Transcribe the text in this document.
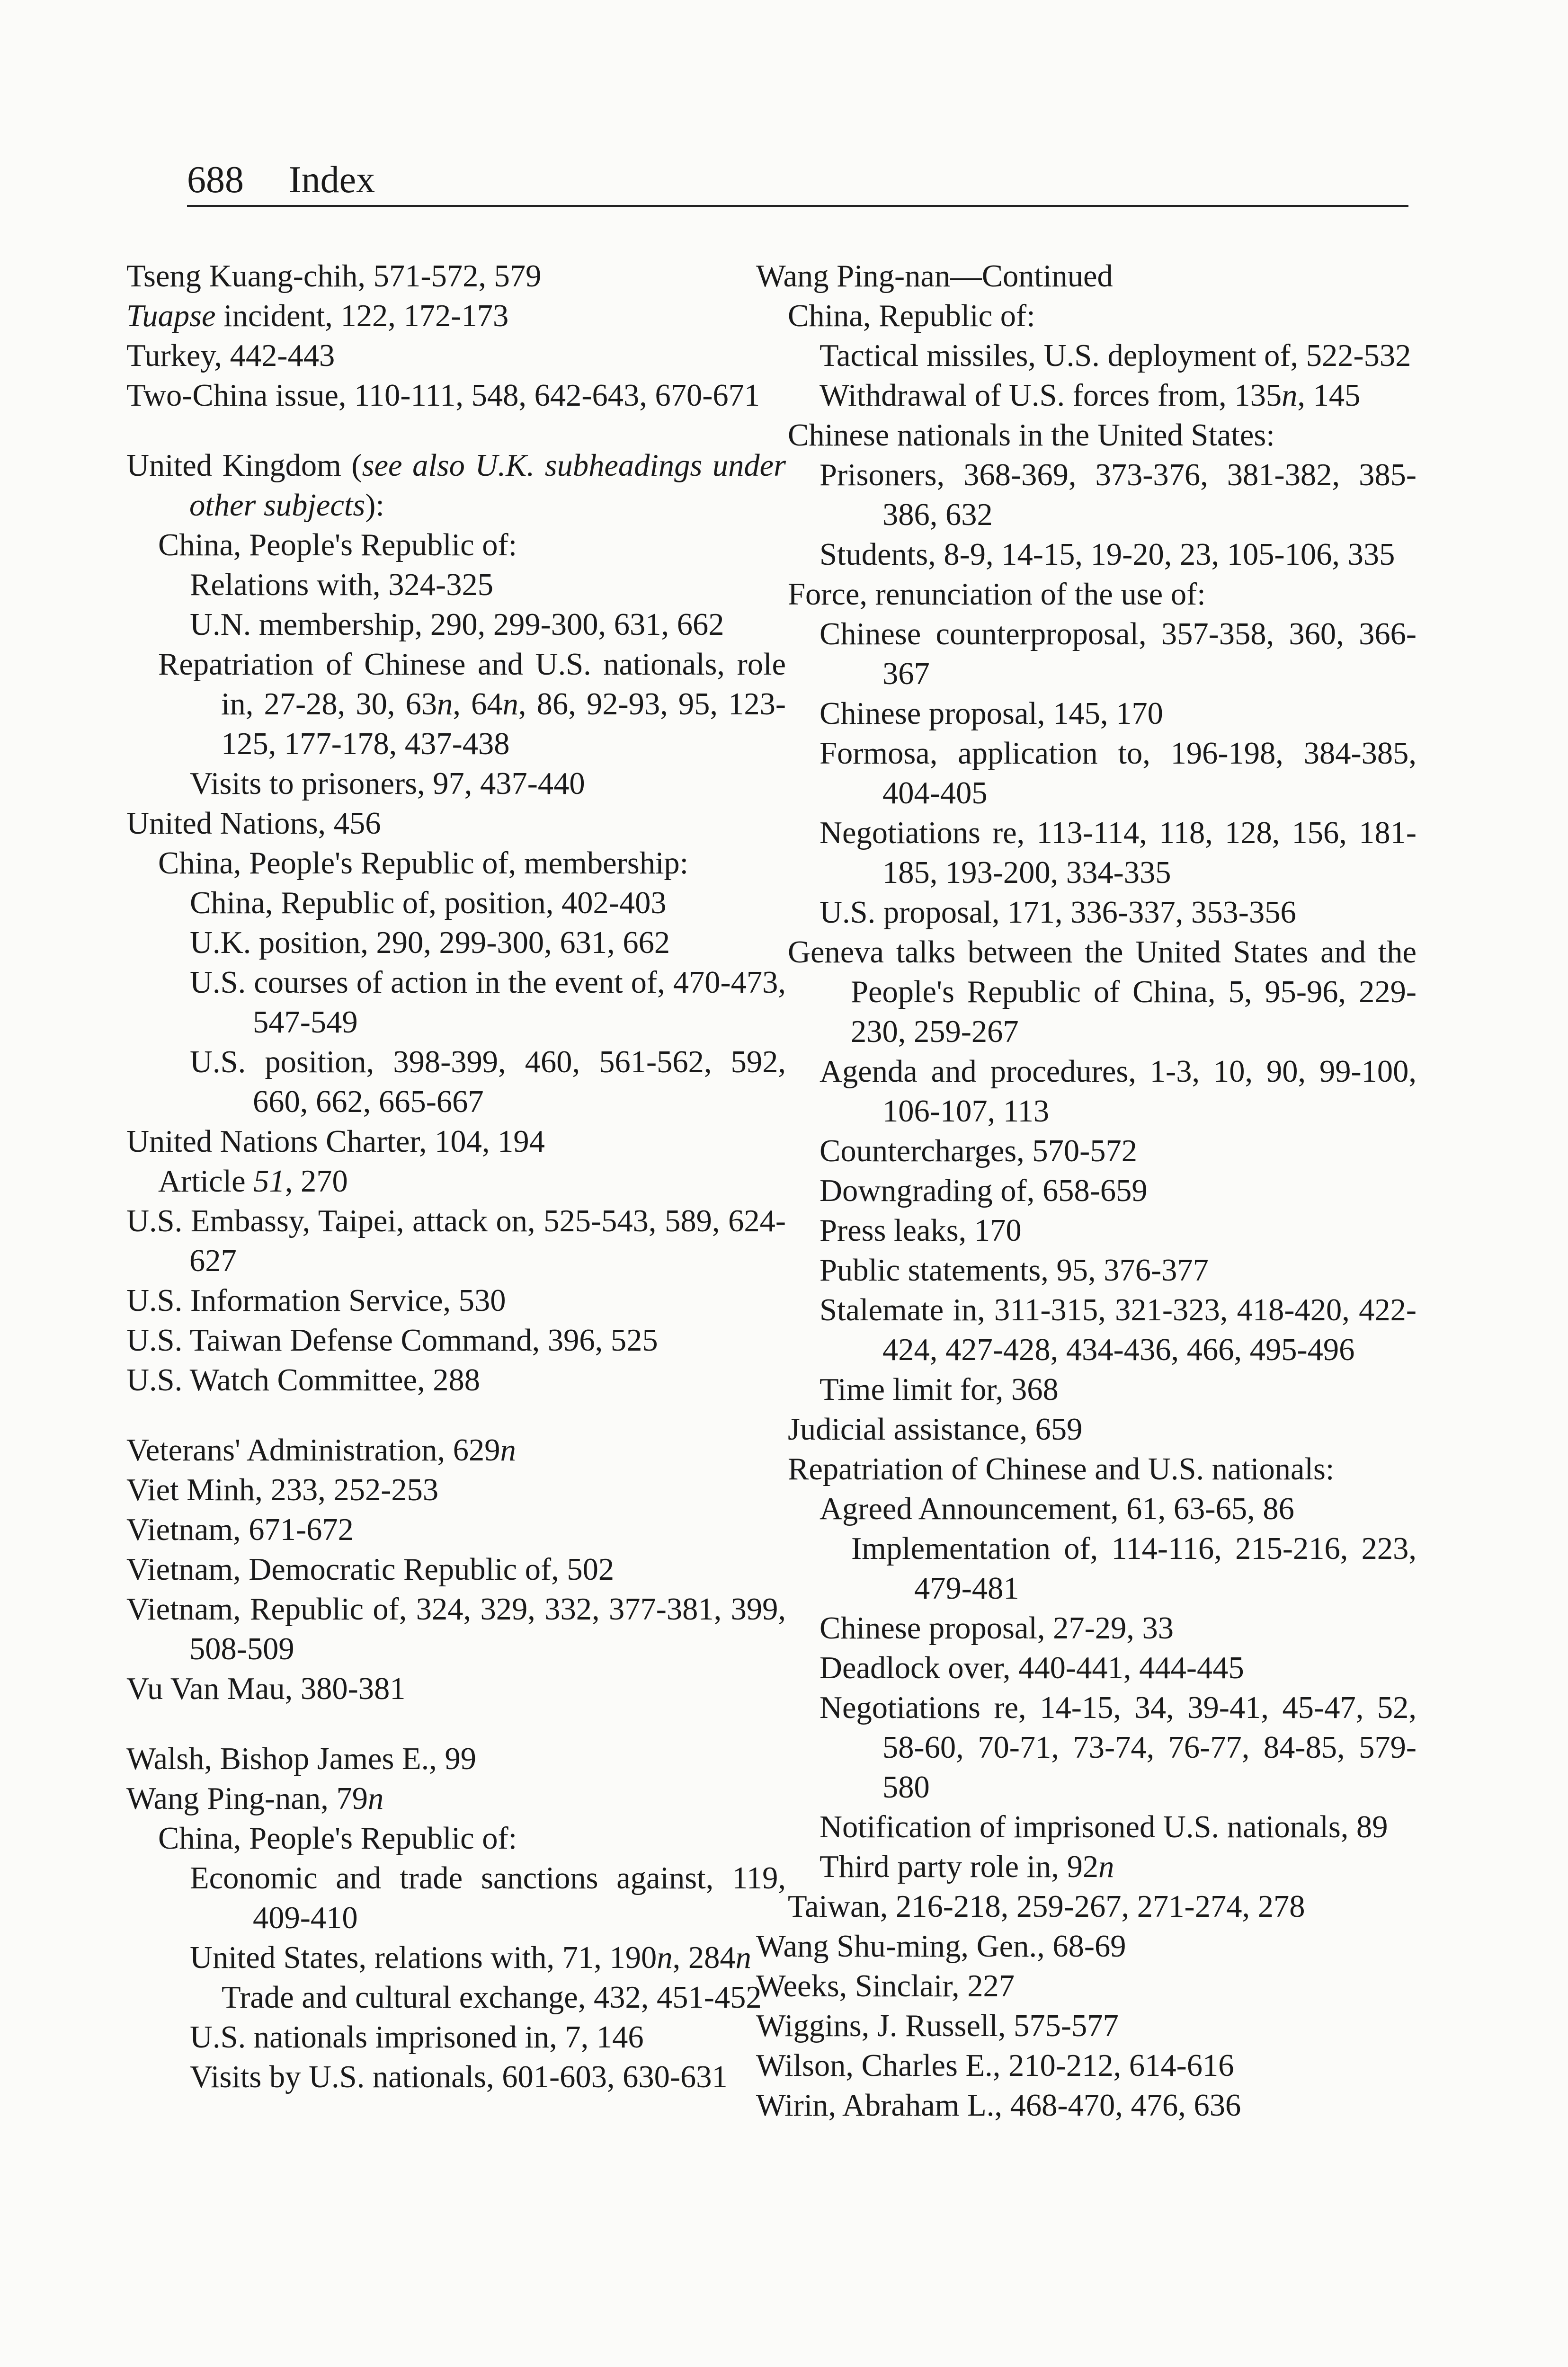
688 Index

Tseng Kuang-chih, 571-572, 579

Tuapse incident, 122, 172-173

Turkey, 442-443

Two-China issue, 110-111, 548, 642-643, 670-671

United Kingdom (see also U.K. subheadings under other subjects):

China, People's Republic of:

Relations with, 324-325

U.N. membership, 290, 299-300, 631, 662

Repatriation of Chinese and U.S. nationals, role in, 27-28, 30, 63n, 64n, 86, 92-93, 95, 123-125, 177-178, 437-438

Visits to prisoners, 97, 437-440

United Nations, 456

China, People's Republic of, membership:

China, Republic of, position, 402-403

U.K. position, 290, 299-300, 631, 662

U.S. courses of action in the event of, 470-473, 547-549

U.S. position, 398-399, 460, 561-562, 592, 660, 662, 665-667

United Nations Charter, 104, 194

Article 51, 270

U.S. Embassy, Taipei, attack on, 525-543, 589, 624-627

U.S. Information Service, 530

U.S. Taiwan Defense Command, 396, 525

U.S. Watch Committee, 288

Veterans' Administration, 629n

Viet Minh, 233, 252-253

Vietnam, 671-672

Vietnam, Democratic Republic of, 502

Vietnam, Republic of, 324, 329, 332, 377-381, 399, 508-509

Vu Van Mau, 380-381

Walsh, Bishop James E., 99

Wang Ping-nan, 79n

China, People's Republic of:

Economic and trade sanctions against, 119, 409-410

United States, relations with, 71, 190n, 284n

Trade and cultural exchange, 432, 451-452

U.S. nationals imprisoned in, 7, 146

Visits by U.S. nationals, 601-603, 630-631

Wang Ping-nan—Continued

China, Republic of:

Tactical missiles, U.S. deployment of, 522-532

Withdrawal of U.S. forces from, 135n, 145

Chinese nationals in the United States:

Prisoners, 368-369, 373-376, 381-382, 385-386, 632

Students, 8-9, 14-15, 19-20, 23, 105-106, 335

Force, renunciation of the use of:

Chinese counterproposal, 357-358, 360, 366-367

Chinese proposal, 145, 170

Formosa, application to, 196-198, 384-385, 404-405

Negotiations re, 113-114, 118, 128, 156, 181-185, 193-200, 334-335

U.S. proposal, 171, 336-337, 353-356

Geneva talks between the United States and the People's Republic of China, 5, 95-96, 229-230, 259-267

Agenda and procedures, 1-3, 10, 90, 99-100, 106-107, 113

Countercharges, 570-572

Downgrading of, 658-659

Press leaks, 170

Public statements, 95, 376-377

Stalemate in, 311-315, 321-323, 418-420, 422-424, 427-428, 434-436, 466, 495-496

Time limit for, 368

Judicial assistance, 659

Repatriation of Chinese and U.S. nationals:

Agreed Announcement, 61, 63-65, 86

Implementation of, 114-116, 215-216, 223, 479-481

Chinese proposal, 27-29, 33

Deadlock over, 440-441, 444-445

Negotiations re, 14-15, 34, 39-41, 45-47, 52, 58-60, 70-71, 73-74, 76-77, 84-85, 579-580

Notification of imprisoned U.S. nationals, 89

Third party role in, 92n

Taiwan, 216-218, 259-267, 271-274, 278

Wang Shu-ming, Gen., 68-69

Weeks, Sinclair, 227

Wiggins, J. Russell, 575-577

Wilson, Charles E., 210-212, 614-616

Wirin, Abraham L., 468-470, 476, 636
